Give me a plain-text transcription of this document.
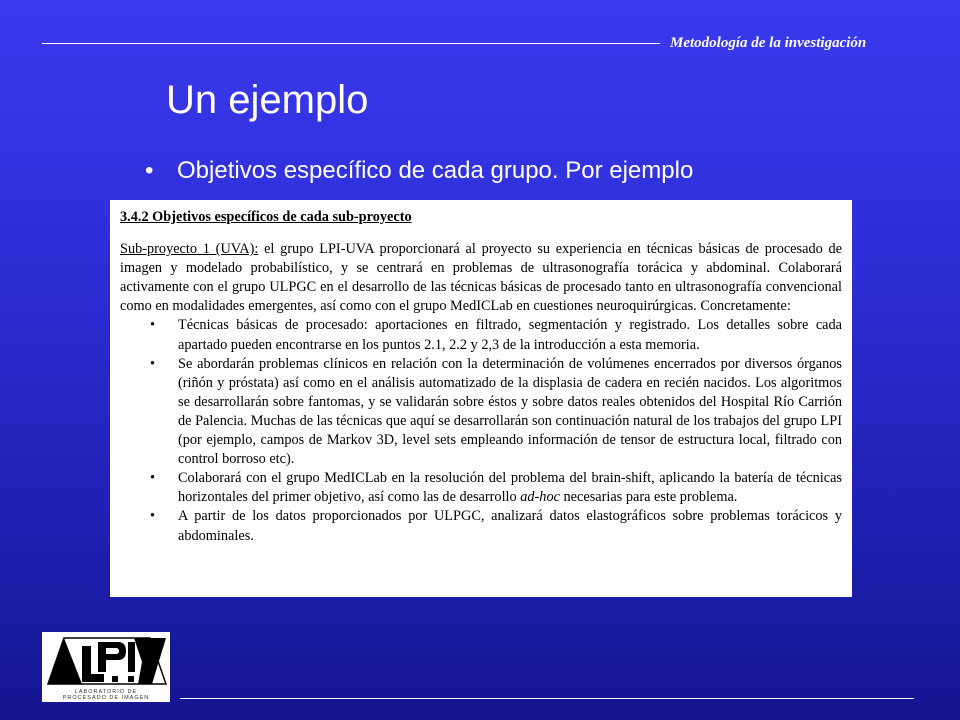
Metodología de la investigación
Un ejemplo
• Objetivos específico de cada grupo. Por ejemplo
3.4.2 Objetivos específicos de cada sub-proyecto

Sub-proyecto 1 (UVA): el grupo LPI-UVA proporcionará al proyecto su experiencia en técnicas básicas de procesado de imagen y modelado probabilístico, y se centrará en problemas de ultrasonografía torácica y abdominal. Colaborará activamente con el grupo ULPGC en el desarrollo de las técnicas básicas de procesado tanto en ultrasonografía convencional como en modalidades emergentes, así como con el grupo MedICLab en cuestiones neuroquirúrgicas. Concretamente:

• Técnicas básicas de procesado: aportaciones en filtrado, segmentación y registrado. Los detalles sobre cada apartado pueden encontrarse en los puntos 2.1, 2.2 y 2,3 de la introducción a esta memoria.
• Se abordarán problemas clínicos en relación con la determinación de volúmenes encerrados por diversos órganos (riñón y próstata) así como en el análisis automatizado de la displasia de cadera en recién nacidos. Los algoritmos se desarrollarán sobre fantomas, y se validarán sobre éstos y sobre datos reales obtenidos del Hospital Río Carrión de Palencia. Muchas de las técnicas que aquí se desarrollarán son continuación natural de los trabajos del grupo LPI (por ejemplo, campos de Markov 3D, level sets empleando información de tensor de estructura local, filtrado con control borroso etc).
• Colaborará con el grupo MedICLab en la resolución del problema del brain-shift, aplicando la batería de técnicas horizontales del primer objetivo, así como las de desarrollo ad-hoc necesarias para este problema.
• A partir de los datos proporcionados por ULPGC, analizará datos elastográficos sobre problemas torácicos y abdominales.
LABORATORIO DE
PROCESADO DE IMAGEN
